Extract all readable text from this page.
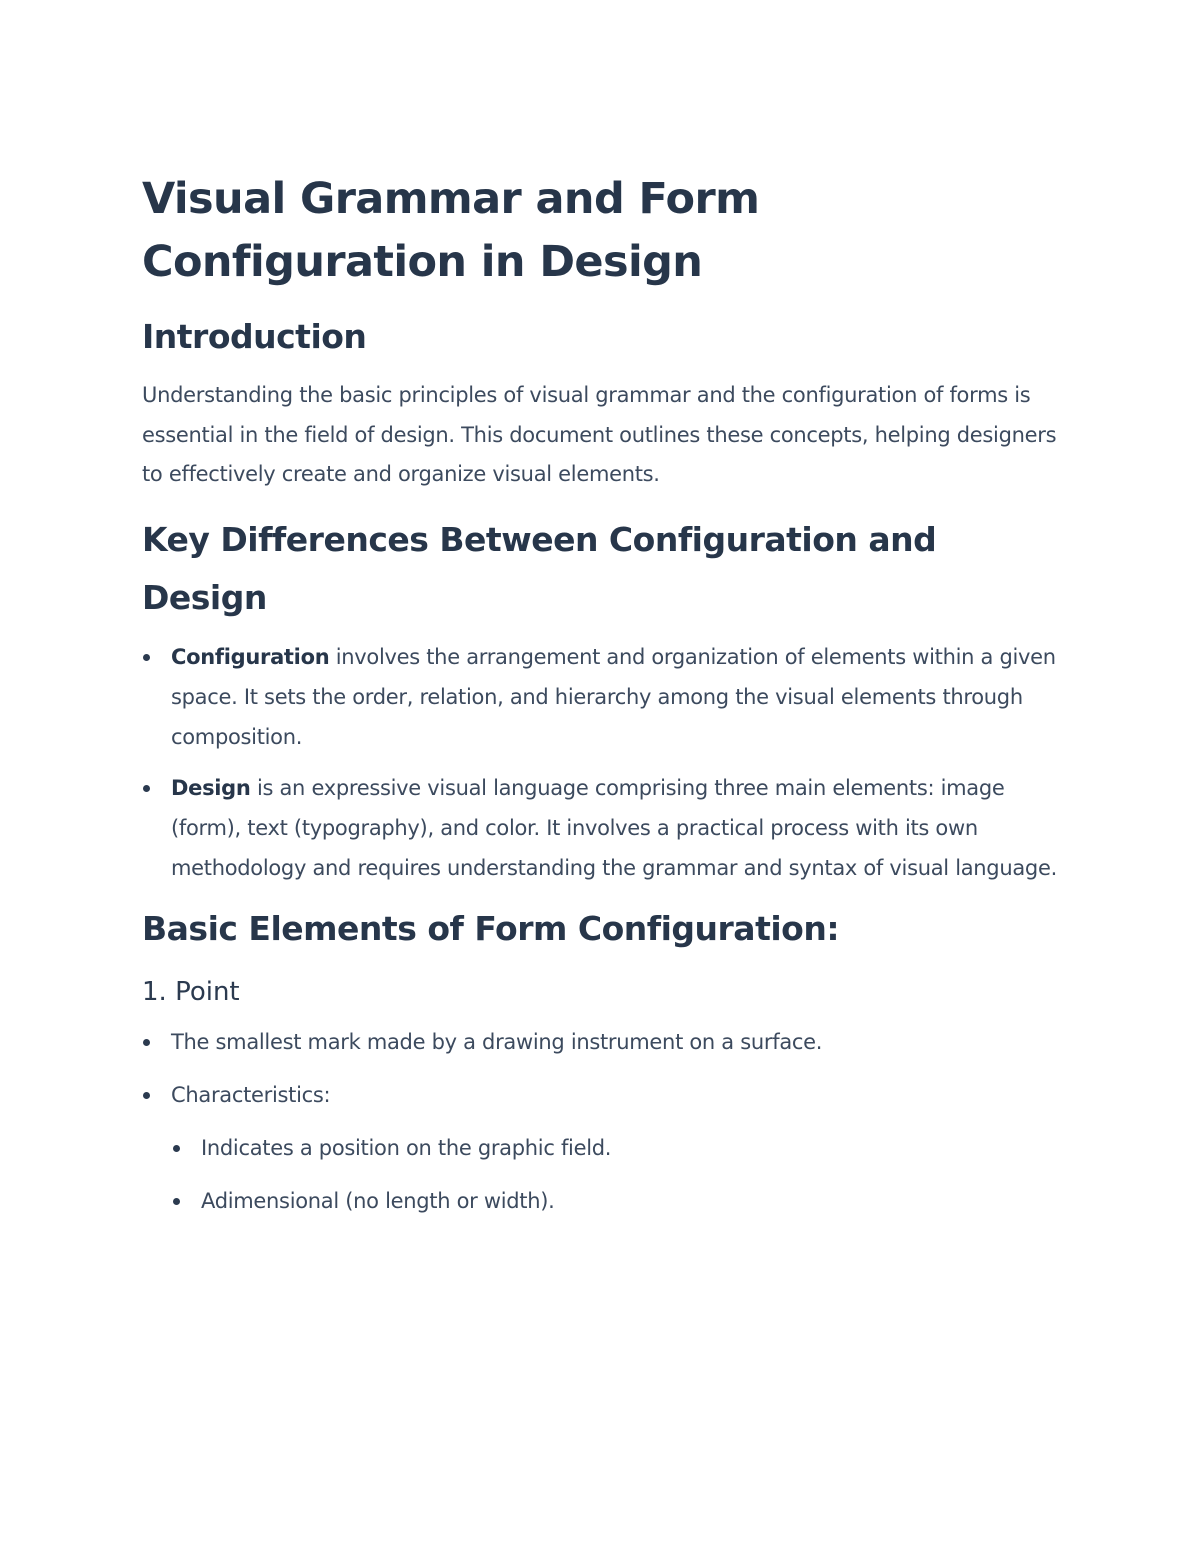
Visual Grammar and Form Configuration in Design
Introduction

Understanding the basic principles of visual grammar and the configuration of forms is essential in the field of design. This document outlines these concepts, helping designers to effectively create and organize visual elements.

Key Differences Between Configuration and Design
Configuration involves the arrangement and organization of elements within a given space. It sets the order, relation, and hierarchy among the visual elements through composition.
Design is an expressive visual language comprising three main elements: image (form), text (typography), and color. It involves a practical process with its own methodology and requires understanding the grammar and syntax of visual language.
Basic Elements of Form Configuration:
1. Point
The smallest mark made by a drawing instrument on a surface.
Characteristics:
Indicates a position on the graphic field.
Adimensional (no length or width).
